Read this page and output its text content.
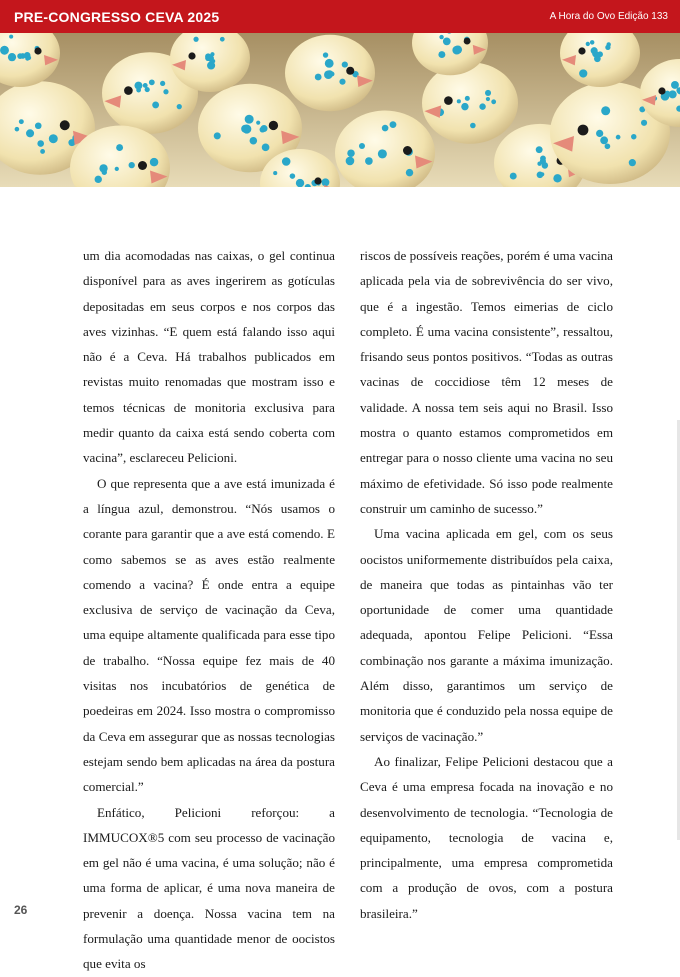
PRE-CONGRESSO CEVA 2025	A Hora do Ovo Edição 133

um dia acomodadas nas caixas, o gel continua disponível para as aves ingerirem as gotículas depositadas em seus corpos e nos corpos das aves vizinhas. “E quem está falando isso aqui não é a Ceva. Há trabalhos publicados em revistas muito renomadas que mostram isso e temos técnicas de monitoria exclusiva para medir quanto da caixa está sendo coberta com vacina”, esclareceu Pelicioni.

O que representa que a ave está imunizada é a língua azul, demonstrou. “Nós usamos o corante para garantir que a ave está comendo. E como sabemos se as aves estão realmente comendo a vacina? É onde entra a equipe exclusiva de serviço de vacinação da Ceva, uma equipe altamente qualificada para esse tipo de trabalho. “Nossa equipe fez mais de 40 visitas nos incubatórios de genética de poedeiras em 2024. Isso mostra o compromisso da Ceva em assegurar que as nossas tecnologias estejam sendo bem aplicadas na área da postura comercial.”

Enfático, Pelicioni reforçou: a IMMUCOX®5 com seu processo de vacinação em gel não é uma vacina, é uma solução; não é uma forma de aplicar, é uma nova maneira de prevenir a doença. Nossa vacina tem na formulação uma quantidade menor de oocistos que evita os

riscos de possíveis reações, porém é uma vacina aplicada pela via de sobrevivência do ser vivo, que é a ingestão. Temos eimerias de ciclo completo. É uma vacina consistente”, ressaltou, frisando seus pontos positivos. “Todas as outras vacinas de coccidiose têm 12 meses de validade. A nossa tem seis aqui no Brasil. Isso mostra o quanto estamos comprometidos em entregar para o nosso cliente uma vacina no seu máximo de efetividade. Só isso pode realmente construir um caminho de sucesso.”

Uma vacina aplicada em gel, com os seus oocistos uniformemente distribuídos pela caixa, de maneira que todas as pintainhas vão ter oportunidade de comer uma quantidade adequada, apontou Felipe Pelicioni. “Essa combinação nos garante a máxima imunização. Além disso, garantimos um serviço de monitoria que é conduzido pela nossa equipe de serviços de vacinação.”

Ao finalizar, Felipe Pelicioni destacou que a Ceva é uma empresa focada na inovação e no desenvolvimento de tecnologia. “Tecnologia de equipamento, tecnologia de vacina e, principalmente, uma empresa comprometida com a produção de ovos, com a postura brasileira.”

26
